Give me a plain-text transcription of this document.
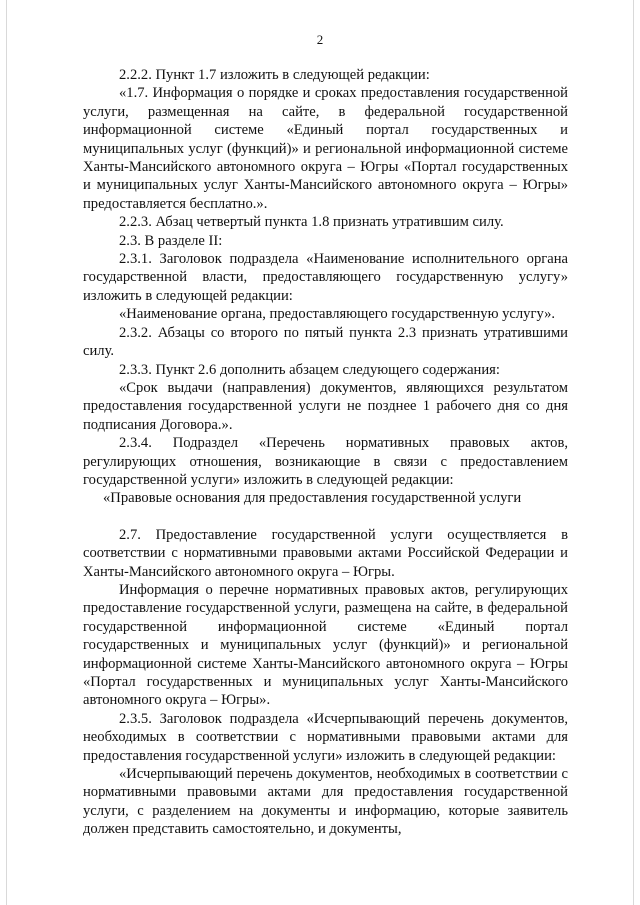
2

2.2.2. Пункт 1.7 изложить в следующей редакции:

«1.7. Информация о порядке и сроках предоставления государственной услуги, размещенная на сайте, в федеральной государственной информационной системе «Единый портал государственных и муниципальных услуг (функций)» и региональной информационной системе Ханты-Мансийского автономного округа – Югры «Портал государственных и муниципальных услуг Ханты-Мансийского автономного округа – Югры» предоставляется бесплатно.».

2.2.3. Абзац четвертый пункта 1.8 признать утратившим силу.

2.3. В разделе II:

2.3.1. Заголовок подраздела «Наименование исполнительного органа государственной власти, предоставляющего государственную услугу» изложить в следующей редакции:

«Наименование органа, предоставляющего государственную услугу».

2.3.2. Абзацы со второго по пятый пункта 2.3 признать утратившими силу.

2.3.3. Пункт 2.6 дополнить абзацем следующего содержания:

«Срок выдачи (направления) документов, являющихся результатом предоставления государственной услуги не позднее 1 рабочего дня со дня подписания Договора.».

2.3.4. Подраздел «Перечень нормативных правовых актов, регулирующих отношения, возникающие в связи с предоставлением государственной услуги» изложить в следующей редакции:

«Правовые основания для предоставления государственной услуги

2.7. Предоставление государственной услуги осуществляется в соответствии с нормативными правовыми актами Российской Федерации и Ханты-Мансийского автономного округа – Югры.

Информация о перечне нормативных правовых актов, регулирующих предоставление государственной услуги, размещена на сайте, в федеральной государственной информационной системе «Единый портал государственных и муниципальных услуг (функций)» и региональной информационной системе Ханты-Мансийского автономного округа – Югры «Портал государственных и муниципальных услуг Ханты-Мансийского автономного округа – Югры».

2.3.5. Заголовок подраздела «Исчерпывающий перечень документов, необходимых в соответствии с нормативными правовыми актами для предоставления государственной услуги» изложить в следующей редакции:

«Исчерпывающий перечень документов, необходимых в соответствии с нормативными правовыми актами для предоставления государственной услуги, с разделением на документы и информацию, которые заявитель должен представить самостоятельно, и документы,
